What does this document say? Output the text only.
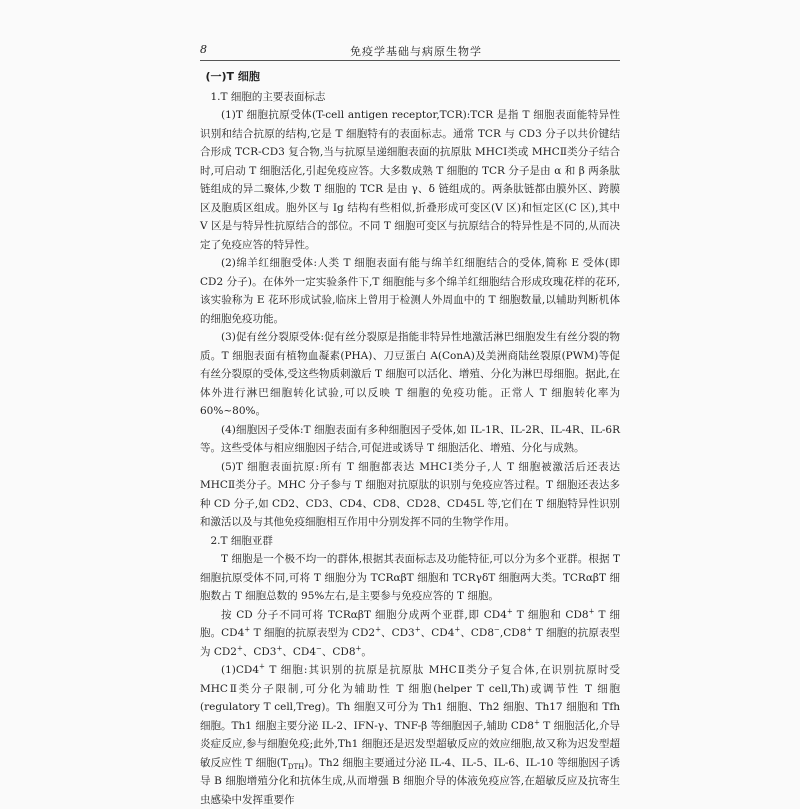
8	免疫学基础与病原生物学

(一)T 细胞

1.T 细胞的主要表面标志

(1)T 细胞抗原受体(T-cell antigen receptor,TCR):TCR 是指 T 细胞表面能特异性识别和结合抗原的结构,它是 T 细胞特有的表面标志。通常 TCR 与 CD3 分子以共价键结合形成 TCR-CD3 复合物,当与抗原呈递细胞表面的抗原肽 MHCⅠ类或 MHCⅡ类分子结合时,可启动 T 细胞活化,引起免疫应答。大多数成熟 T 细胞的 TCR 分子是由 α 和 β 两条肽链组成的异二聚体,少数 T 细胞的 TCR 是由 γ、δ 链组成的。两条肽链都由膜外区、跨膜区及胞质区组成。胞外区与 Ig 结构有些相似,折叠形成可变区(V 区)和恒定区(C 区),其中 V 区是与特异性抗原结合的部位。不同 T 细胞可变区与抗原结合的特异性是不同的,从而决定了免疫应答的特异性。

(2)绵羊红细胞受体:人类 T 细胞表面有能与绵羊红细胞结合的受体,简称 E 受体(即 CD2 分子)。在体外一定实验条件下,T 细胞能与多个绵羊红细胞结合形成玫瑰花样的花环,该实验称为 E 花环形成试验,临床上曾用于检测人外周血中的 T 细胞数量,以辅助判断机体的细胞免疫功能。

(3)促有丝分裂原受体:促有丝分裂原是指能非特异性地激活淋巴细胞发生有丝分裂的物质。T 细胞表面有植物血凝素(PHA)、刀豆蛋白 A(ConA)及美洲商陆丝裂原(PWM)等促有丝分裂原的受体,受这些物质刺激后 T 细胞可以活化、增殖、分化为淋巴母细胞。据此,在体外进行淋巴细胞转化试验,可以反映 T 细胞的免疫功能。正常人 T 细胞转化率为60%~80%。

(4)细胞因子受体:T 细胞表面有多种细胞因子受体,如 IL-1R、IL-2R、IL-4R、IL-6R 等。这些受体与相应细胞因子结合,可促进或诱导 T 细胞活化、增殖、分化与成熟。

(5)T 细胞表面抗原:所有 T 细胞都表达 MHCⅠ类分子,人 T 细胞被激活后还表达 MHCⅡ类分子。MHC 分子参与 T 细胞对抗原肽的识别与免疫应答过程。T 细胞还表达多种 CD 分子,如 CD2、CD3、CD4、CD8、CD28、CD45L 等,它们在 T 细胞特异性识别和激活以及与其他免疫细胞相互作用中分别发挥不同的生物学作用。

2.T 细胞亚群

T 细胞是一个极不均一的群体,根据其表面标志及功能特征,可以分为多个亚群。根据 T 细胞抗原受体不同,可将 T 细胞分为 TCRαβT 细胞和 TCRγδT 细胞两大类。TCRαβT 细胞数占 T 细胞总数的 95%左右,是主要参与免疫应答的 T 细胞。

按 CD 分子不同可将 TCRαβT 细胞分成两个亚群,即 CD4+ T 细胞和 CD8+ T 细胞。CD4+ T 细胞的抗原表型为 CD2+、CD3+、CD4+、CD8−,CD8+ T 细胞的抗原表型为 CD2+、CD3+、CD4−、CD8+。

(1)CD4+ T 细胞:其识别的抗原是抗原肽 MHCⅡ类分子复合体,在识别抗原时受 MHCⅡ类分子限制,可分化为辅助性 T 细胞(helper T cell,Th)或调节性 T 细胞(regulatory T cell,Treg)。Th 细胞又可分为 Th1 细胞、Th2 细胞、Th17 细胞和 Tfh 细胞。Th1 细胞主要分泌 IL-2、IFN-γ、TNF-β 等细胞因子,辅助 CD8+ T 细胞活化,介导炎症反应,参与细胞免疫;此外,Th1 细胞还是迟发型超敏反应的效应细胞,故又称为迟发型超敏反应性 T 细胞$(T_{DTH})$。Th2 细胞主要通过分泌 IL-4、IL-5、IL-6、IL-10 等细胞因子诱导 B 细胞增殖分化和抗体生成,从而增强 B 细胞介导的体液免疫应答,在超敏反应及抗寄生虫感染中发挥重要作
